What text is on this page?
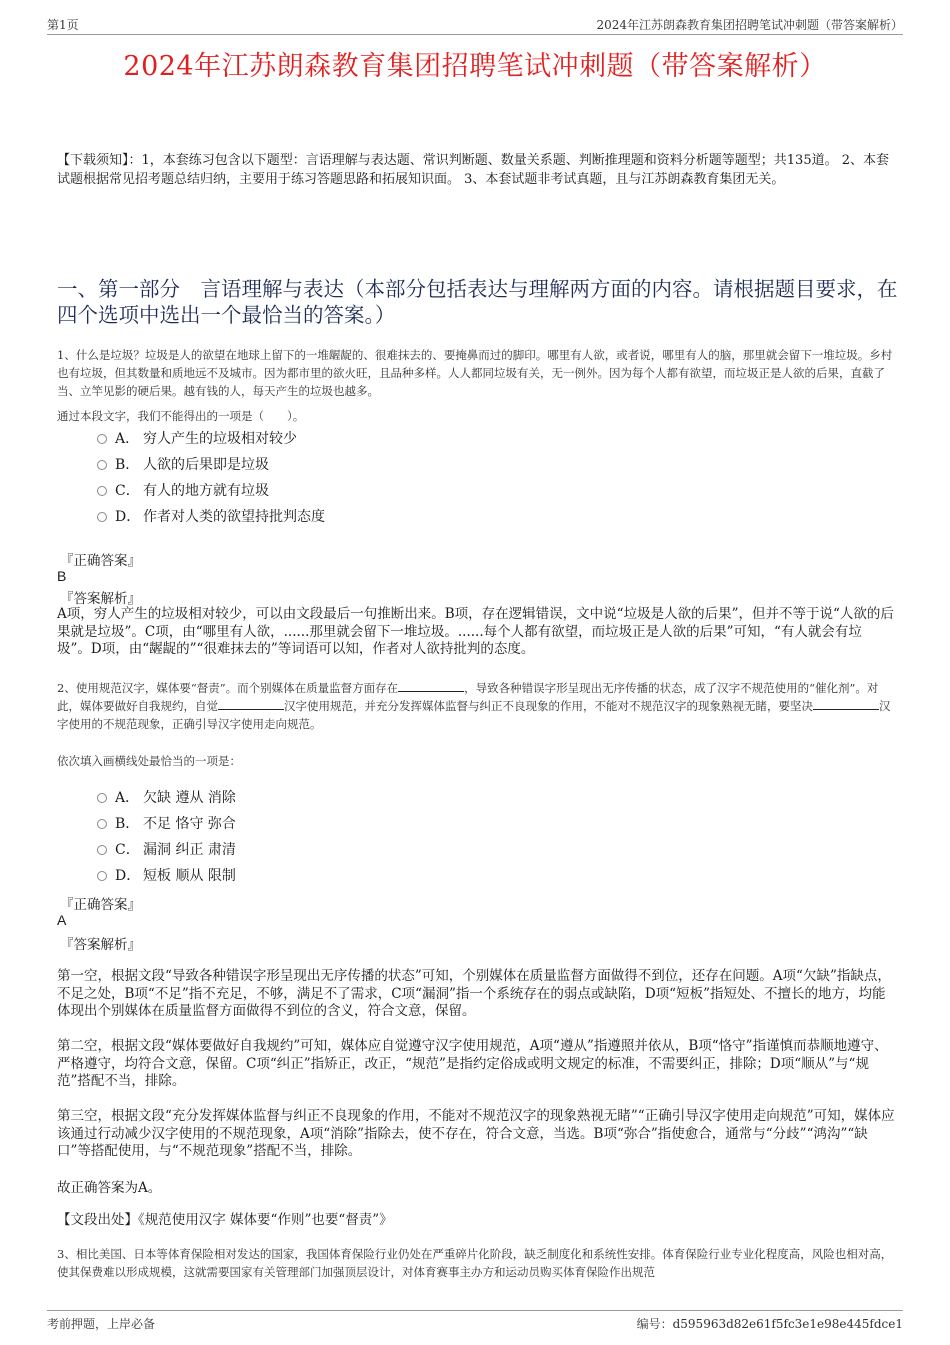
第1页	2024年江苏朗森教育集团招聘笔试冲刺题（带答案解析）
2024年江苏朗森教育集团招聘笔试冲刺题（带答案解析）
【下载须知】：1，本套练习包含以下题型：言语理解与表达题、常识判断题、数量关系题、判断推理题和资料分析题等题型；共135道。 2、本套试题根据常见招考题总结归纳，主要用于练习答题思路和拓展知识面。 3、本套试题非考试真题，且与江苏朗森教育集团无关。
一、第一部分　言语理解与表达（本部分包括表达与理解两方面的内容。请根据题目要求，在四个选项中选出一个最恰当的答案。）
1、什么是垃圾？垃圾是人的欲望在地球上留下的一堆龌龊的、很难抹去的、要掩鼻而过的脚印。哪里有人欲，或者说，哪里有人的脑，那里就会留下一堆垃圾。乡村也有垃圾，但其数量和质地远不及城市。因为都市里的欲火旺，且品种多样。人人都同垃圾有关，无一例外。因为每个人都有欲望，而垃圾正是人欲的后果，直截了当、立竿见影的硬后果。越有钱的人，每天产生的垃圾也越多。
通过本段文字，我们不能得出的一项是（　　）。
A． 穷人产生的垃圾相对较少
B． 人欲的后果即是垃圾
C． 有人的地方就有垃圾
D． 作者对人类的欲望持批判态度
『正确答案』
B
『答案解析』
A项，穷人产生的垃圾相对较少，可以由文段最后一句推断出来。B项，存在逻辑错误，文中说“垃圾是人欲的后果”，但并不等于说“人欲的后果就是垃圾”。C项，由“哪里有人欲，......那里就会留下一堆垃圾。......每个人都有欲望，而垃圾正是人欲的后果”可知，“有人就会有垃圾”。D项，由“龌龊的”“很难抹去的”等词语可以知，作者对人欲持批判的态度。
2、使用规范汉字，媒体要“督责”。而个别媒体在质量监督方面存在	，导致各种错误字形呈现出无序传播的状态，成了汉字不规范使用的“催化剂”。对此，媒体要做好自我规约，自觉	汉字使用规范，并充分发挥媒体监督与纠正不良现象的作用，不能对不规范汉字的现象熟视无睹，要坚决	汉字使用的不规范现象，正确引导汉字使用走向规范。
依次填入画横线处最恰当的一项是：
A． 欠缺 遵从 消除
B． 不足 恪守 弥合
C． 漏洞 纠正 肃清
D． 短板 顺从 限制
『正确答案』
A
『答案解析』
第一空，根据文段“导致各种错误字形呈现出无序传播的状态”可知，个别媒体在质量监督方面做得不到位，还存在问题。A项“欠缺”指缺点，不足之处，B项“不足”指不充足，不够，满足不了需求，C项“漏洞”指一个系统存在的弱点或缺陷，D项“短板”指短处、不擅长的地方，均能体现出个别媒体在质量监督方面做得不到位的含义，符合文意，保留。
第二空，根据文段“媒体要做好自我规约”可知，媒体应自觉遵守汉字使用规范，A项“遵从”指遵照并依从，B项“恪守”指谨慎而恭顺地遵守、严格遵守，均符合文意，保留。C项“纠正”指矫正，改正，“规范”是指约定俗成或明文规定的标准，不需要纠正，排除；D项“顺从”与“规范”搭配不当，排除。
第三空，根据文段“充分发挥媒体监督与纠正不良现象的作用，不能对不规范汉字的现象熟视无睹”“正确引导汉字使用走向规范”可知，媒体应该通过行动减少汉字使用的不规范现象，A项“消除”指除去，使不存在，符合文意，当选。B项“弥合”指使愈合，通常与“分歧”“鸿沟”“缺口”等搭配使用，与“不规范现象”搭配不当，排除。
故正确答案为A。
【文段出处】《规范使用汉字 媒体要“作则”也要“督责”》
3、相比美国、日本等体育保险相对发达的国家，我国体育保险行业仍处在严重碎片化阶段，缺乏制度化和系统性安排。体育保险行业专业化程度高，风险也相对高，使其保费难以形成规模，这就需要国家有关管理部门加强顶层设计，对体育赛事主办方和运动员购买体育保险作出规范
考前押题，上岸必备	编号：d595963d82e61f5fc3e1e98e445fdce1
